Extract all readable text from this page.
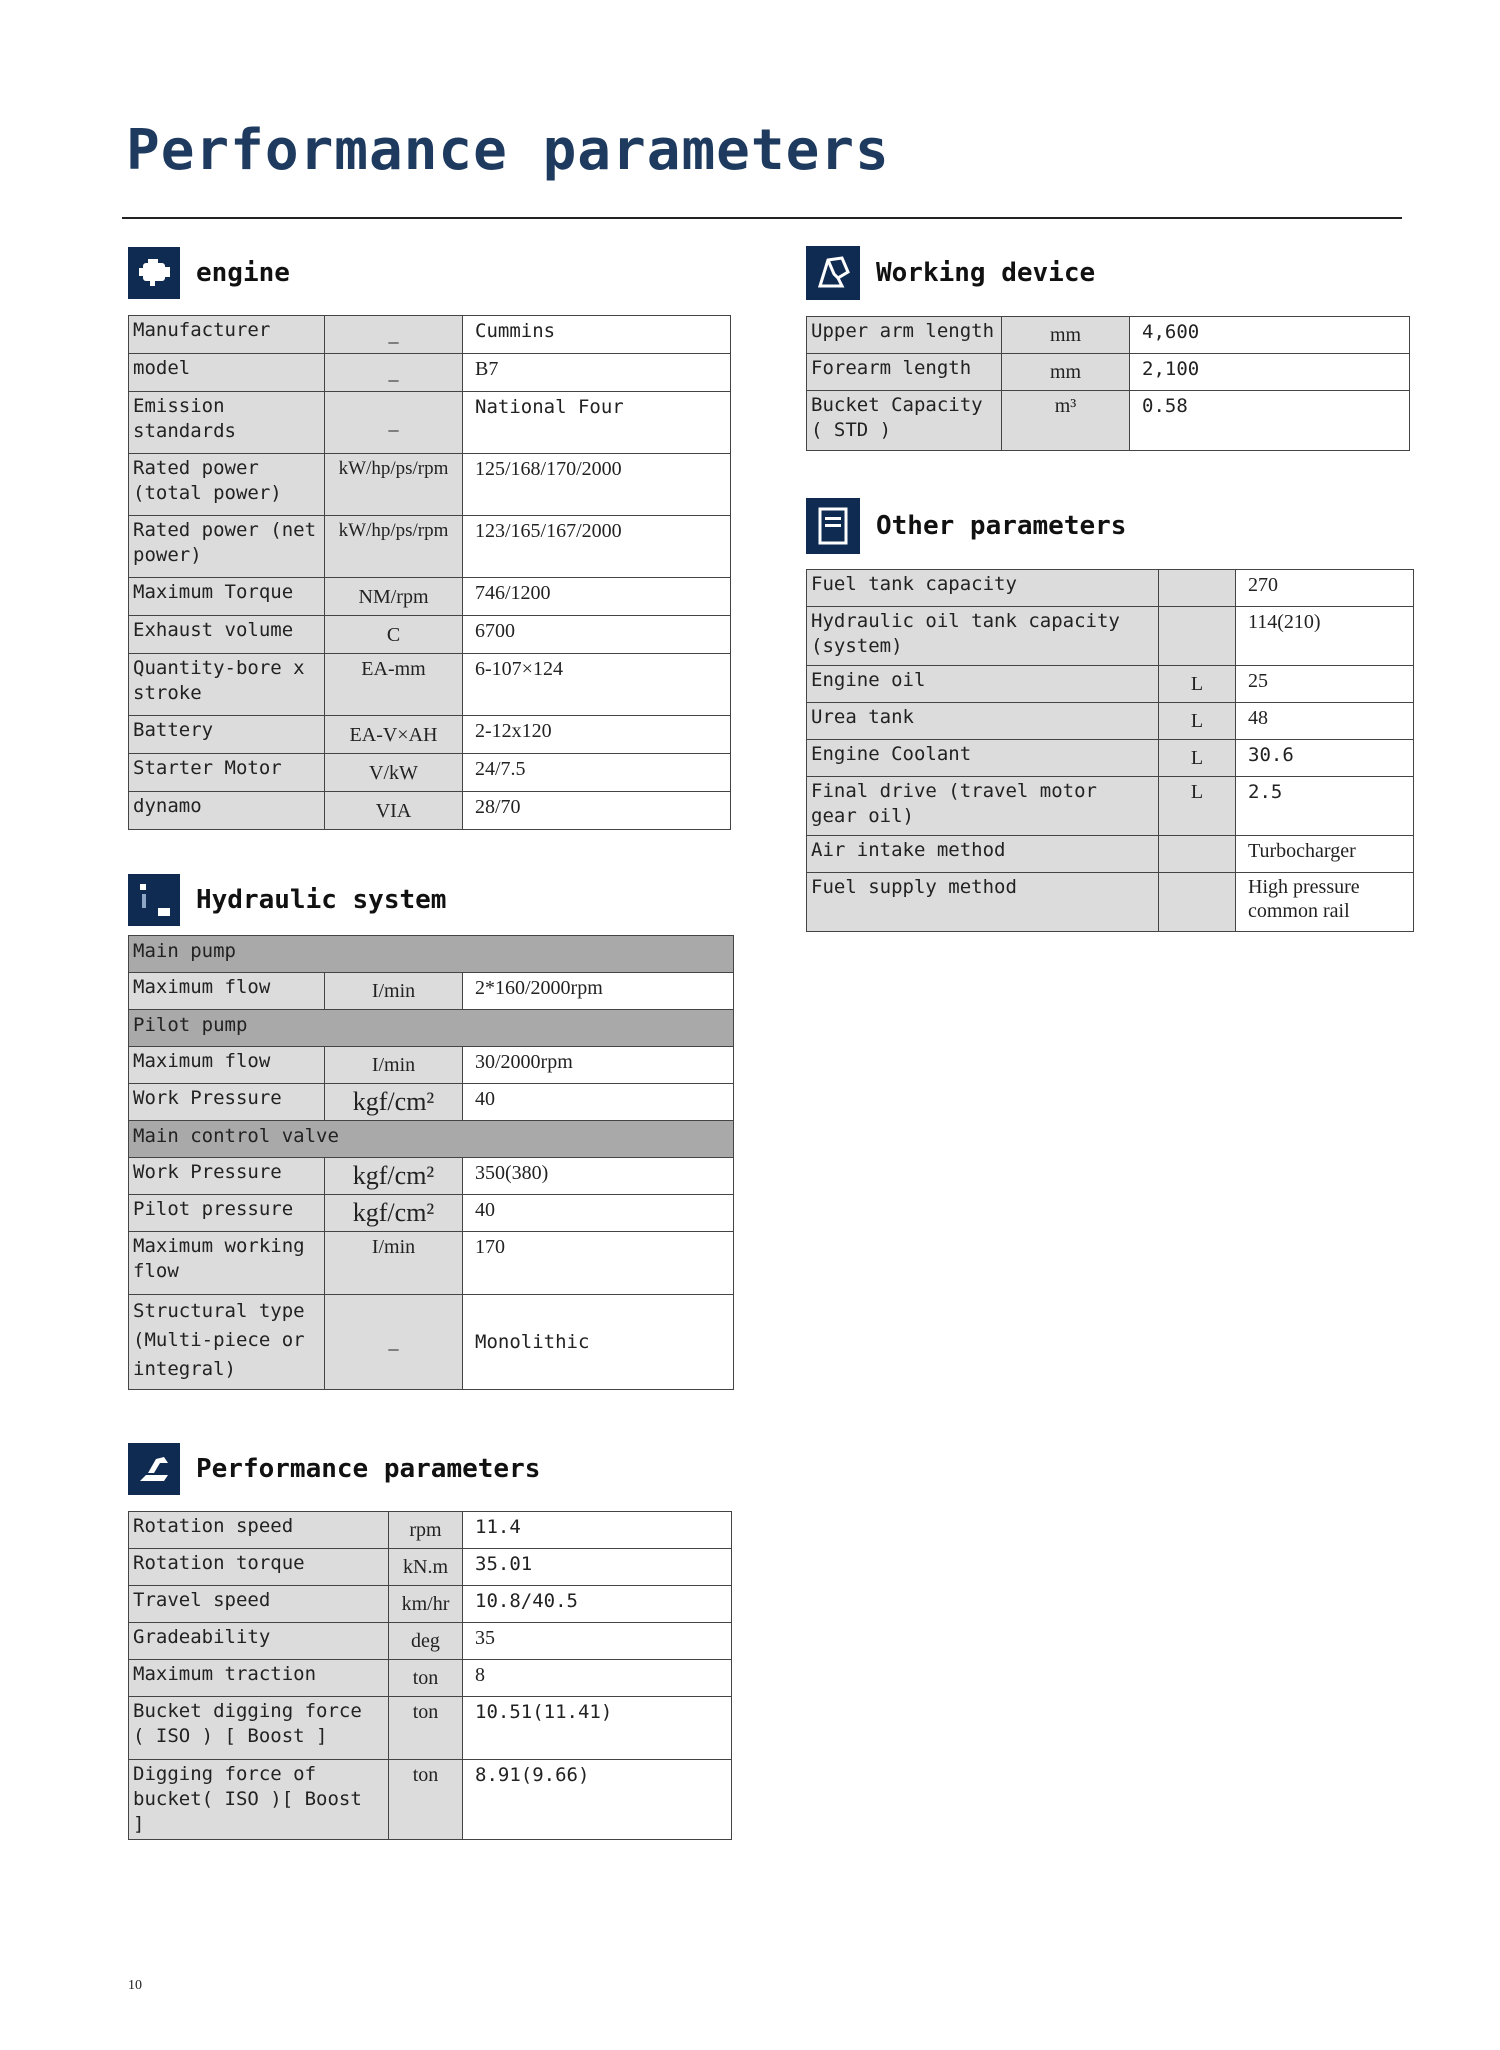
Performance parameters
engine
Manufacturer	_	Cummins
model	_	B7
Emission standards	_	National Four
Rated power (total power)	kW/hp/ps/rpm	125/168/170/2000
Rated power (net power)	kW/hp/ps/rpm	123/165/167/2000
Maximum Torque	NM/rpm	746/1200
Exhaust volume	C	6700
Quantity-bore x stroke	EA-mm	6-107×124
Battery	EA-V×AH	2-12x120
Starter Motor	V/kW	24/7.5
dynamo	VIA	28/70
Hydraulic system
Main pump		
Maximum flow	I/min	2*160/2000rpm
Pilot pump		
Maximum flow	I/min	30/2000rpm
Work Pressure	kgf/cm²	40
Main control valve		
Work Pressure	kgf/cm²	350(380)
Pilot pressure	kgf/cm²	40
Maximum working flow	I/min	170
Structural type (Multi-piece or integral)	_	Monolithic
Performance parameters
Rotation speed	rpm	11.4
Rotation torque	kN.m	35.01
Travel speed	km/hr	10.8/40.5
Gradeability	deg	35
Maximum traction	ton	8
Bucket digging force ( ISO ) [ Boost ]	ton	10.51(11.41)
Digging force of bucket( ISO )[ Boost ]	ton	8.91(9.66)
Working device
Upper arm length	mm	4,600
Forearm length	mm	2,100
Bucket Capacity ( STD )	m³	0.58
Other parameters
Fuel tank capacity		270
Hydraulic oil tank capacity (system)		114(210)
Engine oil	L	25
Urea tank	L	48
Engine Coolant	L	30.6
Final drive (travel motor gear oil)	L	2.5
Air intake method		Turbocharger
Fuel supply method		High pressure common rail
10
